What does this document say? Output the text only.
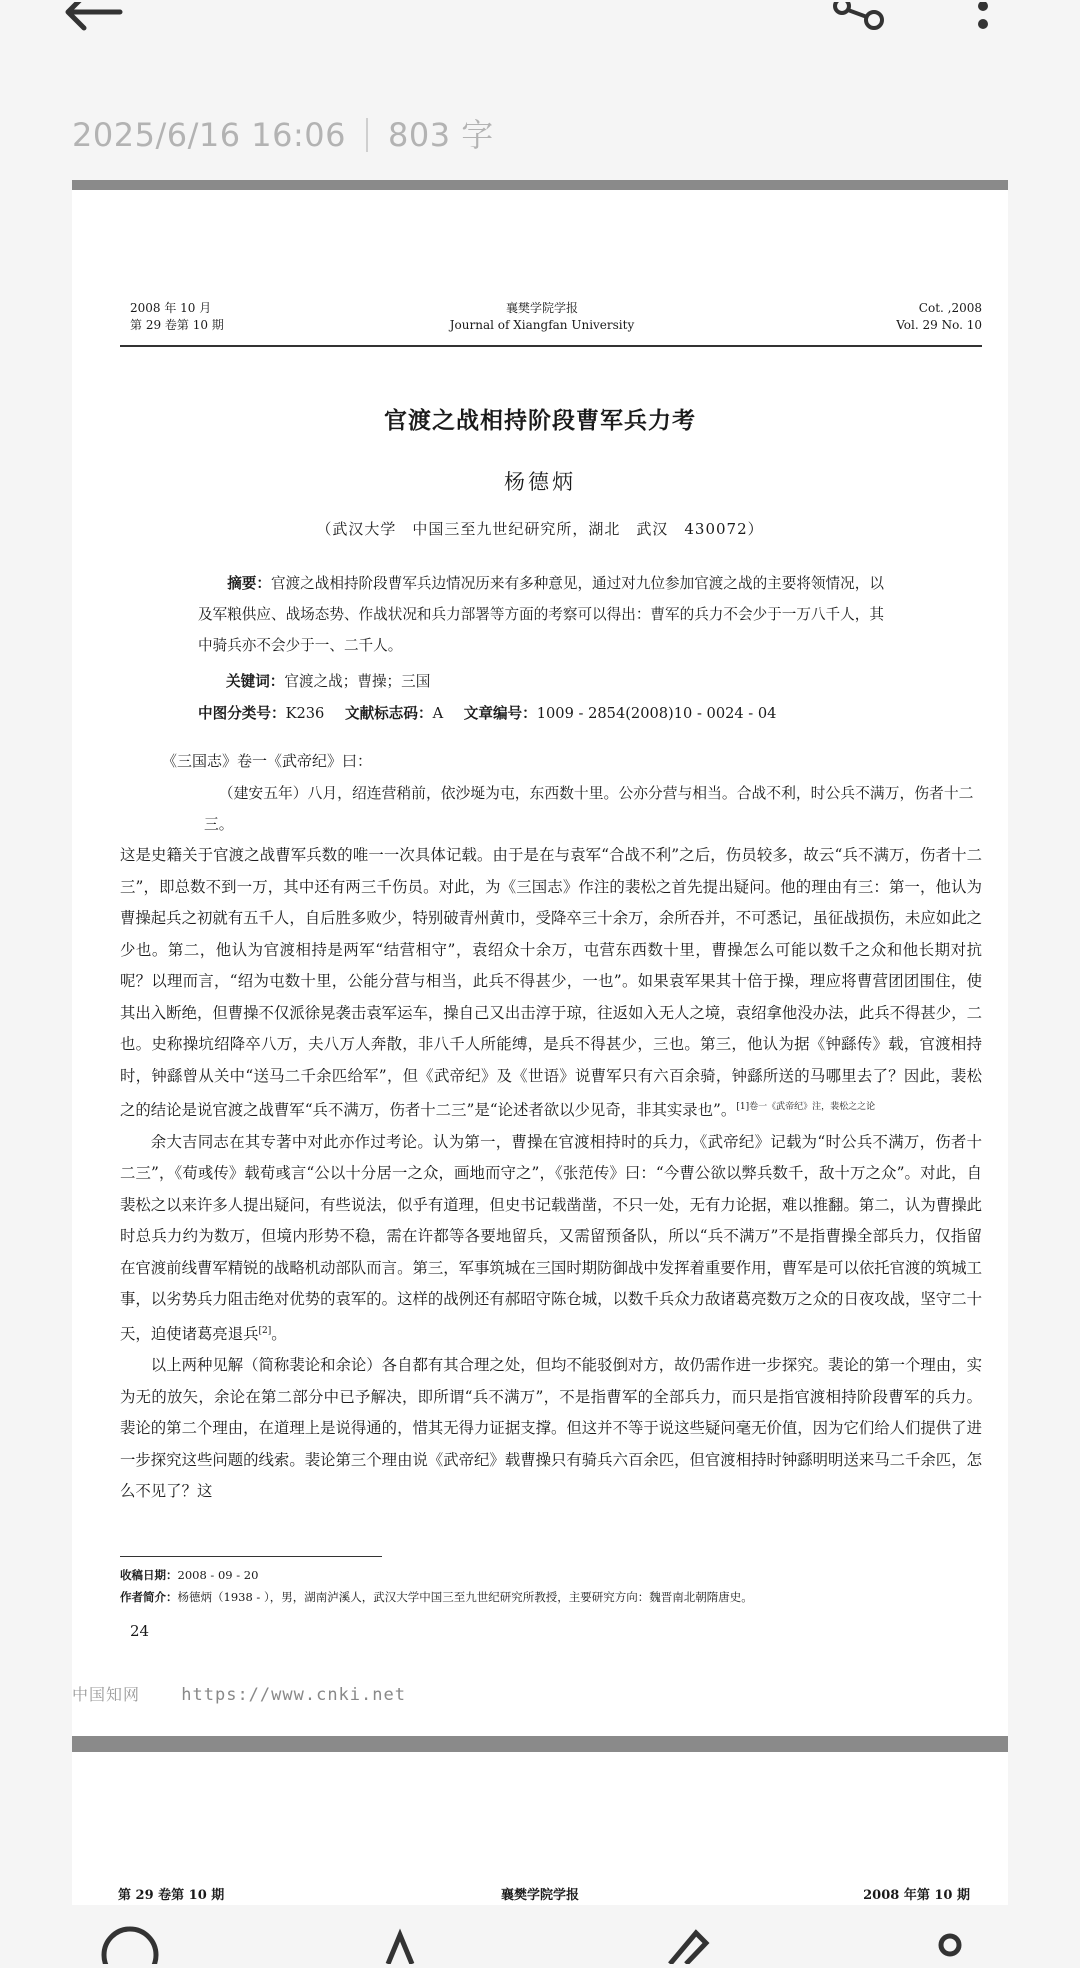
2025/6/16 16:06 803 字
2008 年 10 月
第 29 卷第 10 期
襄樊学院学报
Journal of Xiangfan University
Cot. ,2008
Vol. 29 No. 10
官渡之战相持阶段曹军兵力考
杨德炳
（武汉大学　中国三至九世纪研究所，湖北　武汉　430072）
摘要：官渡之战相持阶段曹军兵边情况历来有多种意见，通过对九位参加官渡之战的主要将领情况，以及军粮供应、战场态势、作战状况和兵力部署等方面的考察可以得出：曹军的兵力不会少于一万八千人，其中骑兵亦不会少于一、二千人。
关键词：官渡之战；曹操；三国
中图分类号：K236 文献标志码：A 文章编号：1009 - 2854(2008)10 - 0024 - 04
《三国志》卷一《武帝纪》曰：
（建安五年）八月，绍连营稍前，依沙埏为屯，东西数十里。公亦分营与相当。合战不利，时公兵不满万，伤者十二三。

这是史籍关于官渡之战曹军兵数的唯一一次具体记载。由于是在与袁军“合战不利”之后，伤员较多，故云“兵不满万，伤者十二三”，即总数不到一万，其中还有两三千伤员。对此，为《三国志》作注的裴松之首先提出疑问。他的理由有三：第一，他认为曹操起兵之初就有五千人，自后胜多败少，特别破青州黄巾，受降卒三十余万，余所吞并，不可悉记，虽征战损伤，未应如此之少也。第二，他认为官渡相持是两军“结营相守”，袁绍众十余万，屯营东西数十里，曹操怎么可能以数千之众和他长期对抗呢？以理而言，“绍为屯数十里，公能分营与相当，此兵不得甚少，一也”。如果袁军果其十倍于操，理应将曹营团团围住，使其出入断绝，但曹操不仅派徐晃袭击袁军运车，操自己又出击淳于琼，往返如入无人之境，袁绍拿他没办法，此兵不得甚少，二也。史称操坑绍降卒八万，夫八万人奔散，非八千人所能缚，是兵不得甚少，三也。第三，他认为据《钟繇传》载，官渡相持时，钟繇曾从关中“送马二千余匹给军”，但《武帝纪》及《世语》说曹军只有六百余骑，钟繇所送的马哪里去了？因此，裴松之的结论是说官渡之战曹军“兵不满万，伤者十二三”是“论述者欲以少见奇，非其实录也”。$^{[1]卷一《武帝纪》注,裴松之之论}$

余大吉同志在其专著中对此亦作过考论。认为第一，曹操在官渡相持时的兵力，《武帝纪》记载为“时公兵不满万，伤者十二三”，《荀彧传》载荀彧言“公以十分居一之众，画地而守之”，《张范传》曰：“今曹公欲以弊兵数千，敌十万之众”。对此，自裴松之以来许多人提出疑问，有些说法，似乎有道理，但史书记载凿凿，不只一处，无有力论据，难以推翻。第二，认为曹操此时总兵力约为数万，但境内形势不稳，需在许都等各要地留兵，又需留预备队，所以“兵不满万”不是指曹操全部兵力，仅指留在官渡前线曹军精锐的战略机动部队而言。第三，军事筑城在三国时期防御战中发挥着重要作用，曹军是可以依托官渡的筑城工事，以劣势兵力阻击绝对优势的袁军的。这样的战例还有郝昭守陈仓城，以数千兵众力敌诸葛亮数万之众的日夜攻战，坚守二十天，迫使诸葛亮退兵[2]。

以上两种见解（简称裴论和余论）各自都有其合理之处，但均不能驳倒对方，故仍需作进一步探究。裴论的第一个理由，实为无的放矢，余论在第二部分中已予解决，即所谓“兵不满万”，不是指曹军的全部兵力，而只是指官渡相持阶段曹军的兵力。裴论的第二个理由，在道理上是说得通的，惜其无得力证据支撑。但这并不等于说这些疑问毫无价值，因为它们给人们提供了进一步探究这些问题的线索。裴论第三个理由说《武帝纪》载曹操只有骑兵六百余匹，但官渡相持时钟繇明明送来马二千余匹，怎么不见了？这

收稿日期：2008 - 09 - 20
作者简介：杨德炳（1938 - ），男，湖南泸溪人，武汉大学中国三至九世纪研究所教授，主要研究方向：魏晋南北朝隋唐史。
24
中国知网 https://www.cnki.net
第 29 卷第 10 期	襄樊学院学报	2008 年第 10 期
